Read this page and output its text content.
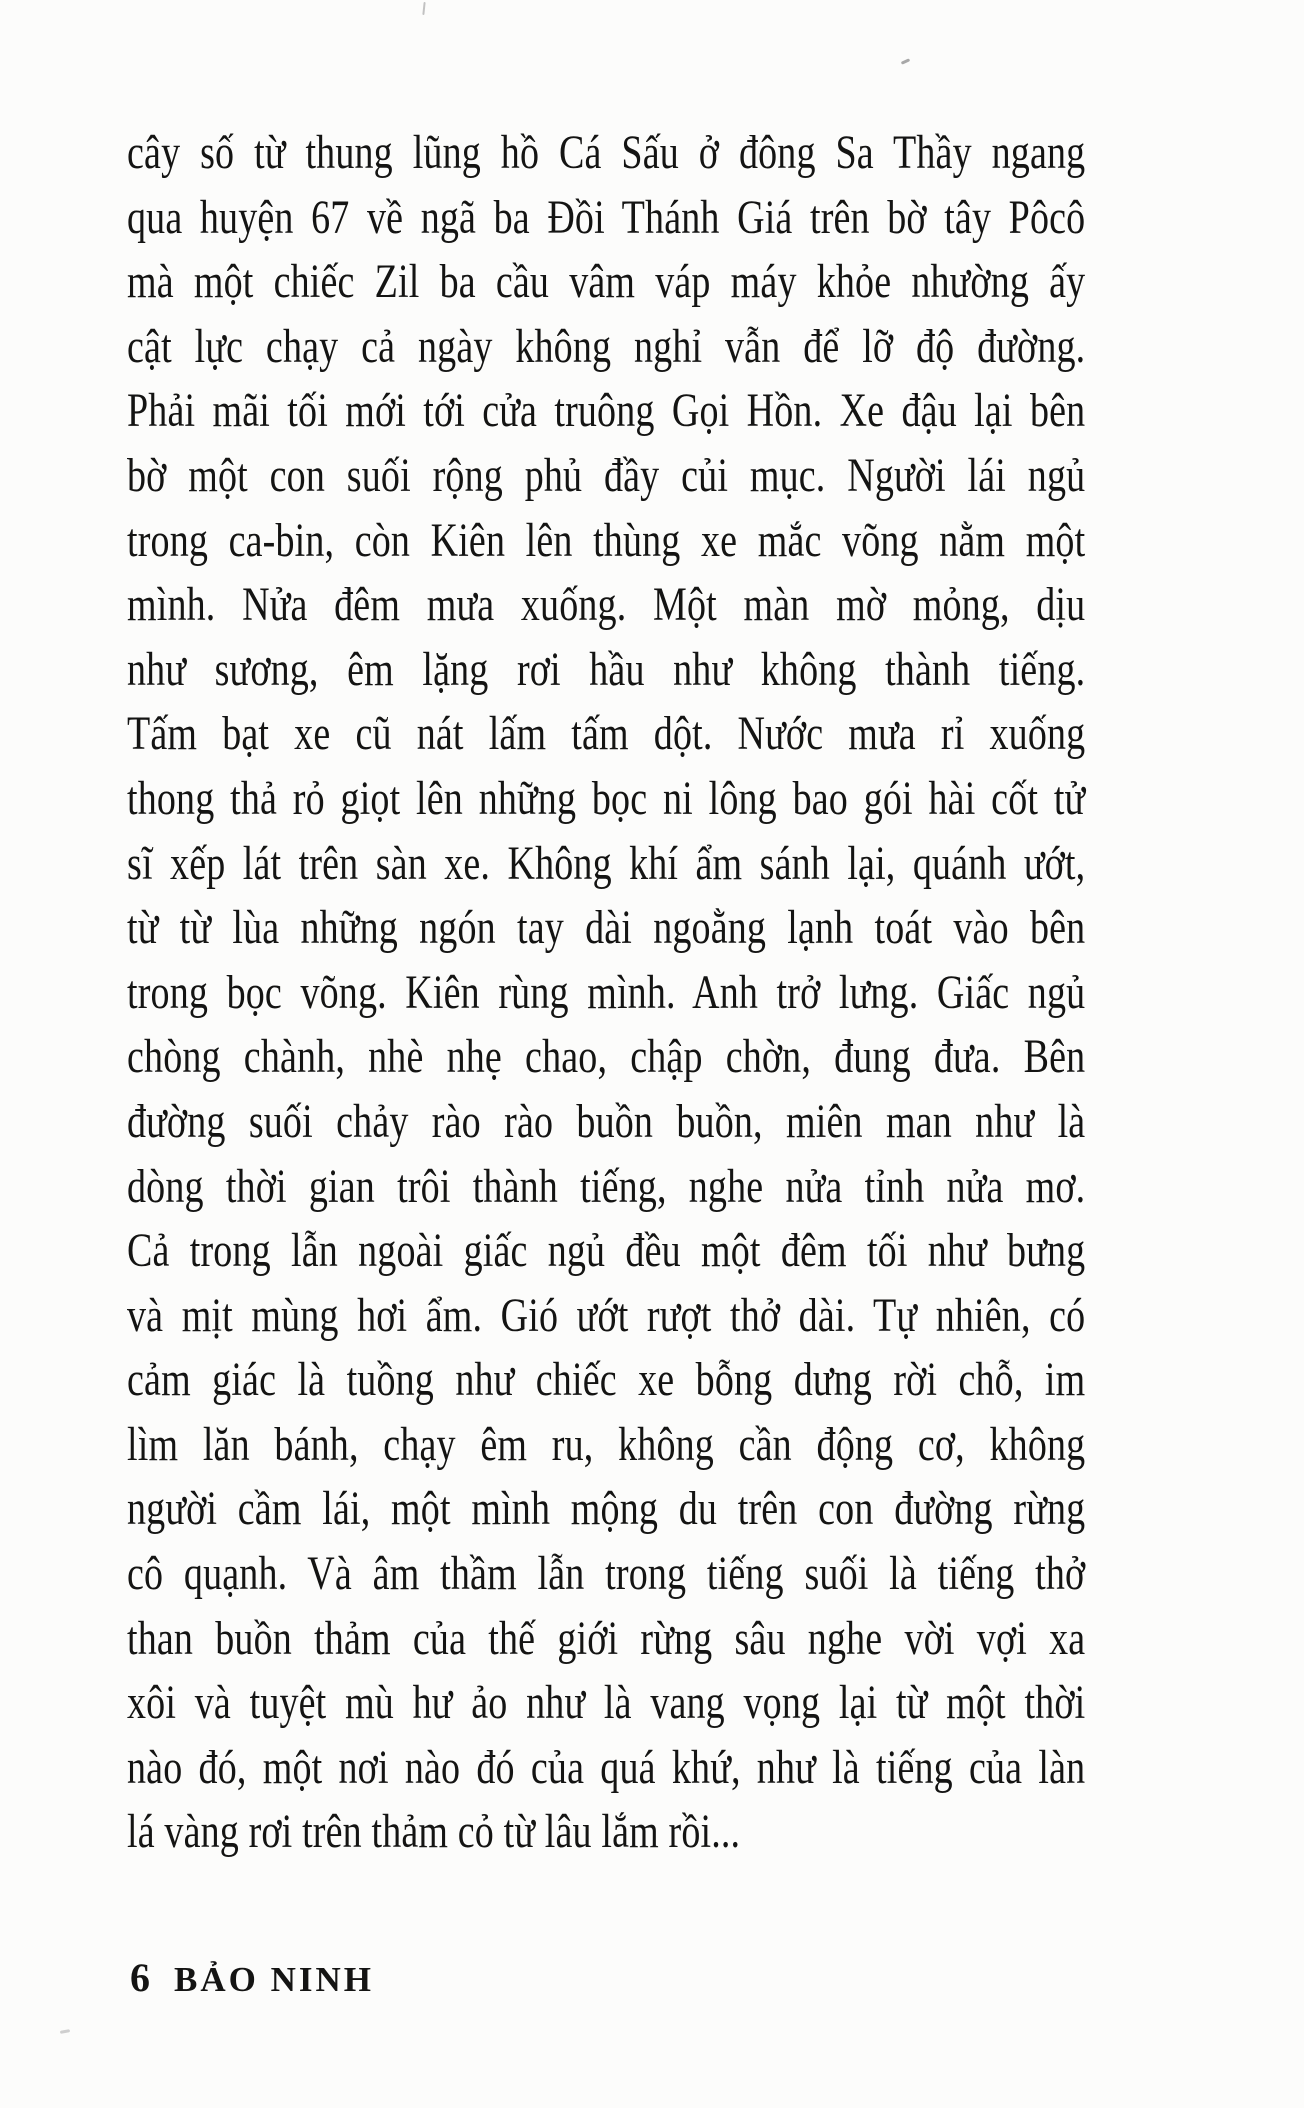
cây số từ thung lũng hồ Cá Sấu ở đông Sa Thầy ngang
qua huyện 67 về ngã ba Đồi Thánh Giá trên bờ tây Pôcô
mà một chiếc Zil ba cầu vâm váp máy khỏe nhường ấy
cật lực chạy cả ngày không nghỉ vẫn để lỡ độ đường.
Phải mãi tối mới tới cửa truông Gọi Hồn. Xe đậu lại bên
bờ một con suối rộng phủ đầy củi mục. Người lái ngủ
trong ca-bin, còn Kiên lên thùng xe mắc võng nằm một
mình. Nửa đêm mưa xuống. Một màn mờ mỏng, dịu
như sương, êm lặng rơi hầu như không thành tiếng.
Tấm bạt xe cũ nát lấm tấm dột. Nước mưa rỉ xuống
thong thả rỏ giọt lên những bọc ni lông bao gói hài cốt tử
sĩ xếp lát trên sàn xe. Không khí ẩm sánh lại, quánh ướt,
từ từ lùa những ngón tay dài ngoằng lạnh toát vào bên
trong bọc võng. Kiên rùng mình. Anh trở lưng. Giấc ngủ
chòng chành, nhè nhẹ chao, chập chờn, đung đưa. Bên
đường suối chảy rào rào buồn buồn, miên man như là
dòng thời gian trôi thành tiếng, nghe nửa tỉnh nửa mơ.
Cả trong lẫn ngoài giấc ngủ đều một đêm tối như bưng
và mịt mùng hơi ẩm. Gió ướt rượt thở dài. Tự nhiên, có
cảm giác là tuồng như chiếc xe bỗng dưng rời chỗ, im
lìm lăn bánh, chạy êm ru, không cần động cơ, không
người cầm lái, một mình mộng du trên con đường rừng
cô quạnh. Và âm thầm lẫn trong tiếng suối là tiếng thở
than buồn thảm của thế giới rừng sâu nghe vời vợi xa
xôi và tuyệt mù hư ảo như là vang vọng lại từ một thời
nào đó, một nơi nào đó của quá khứ, như là tiếng của làn
lá vàng rơi trên thảm cỏ từ lâu lắm rồi...
6 BẢO NINH
